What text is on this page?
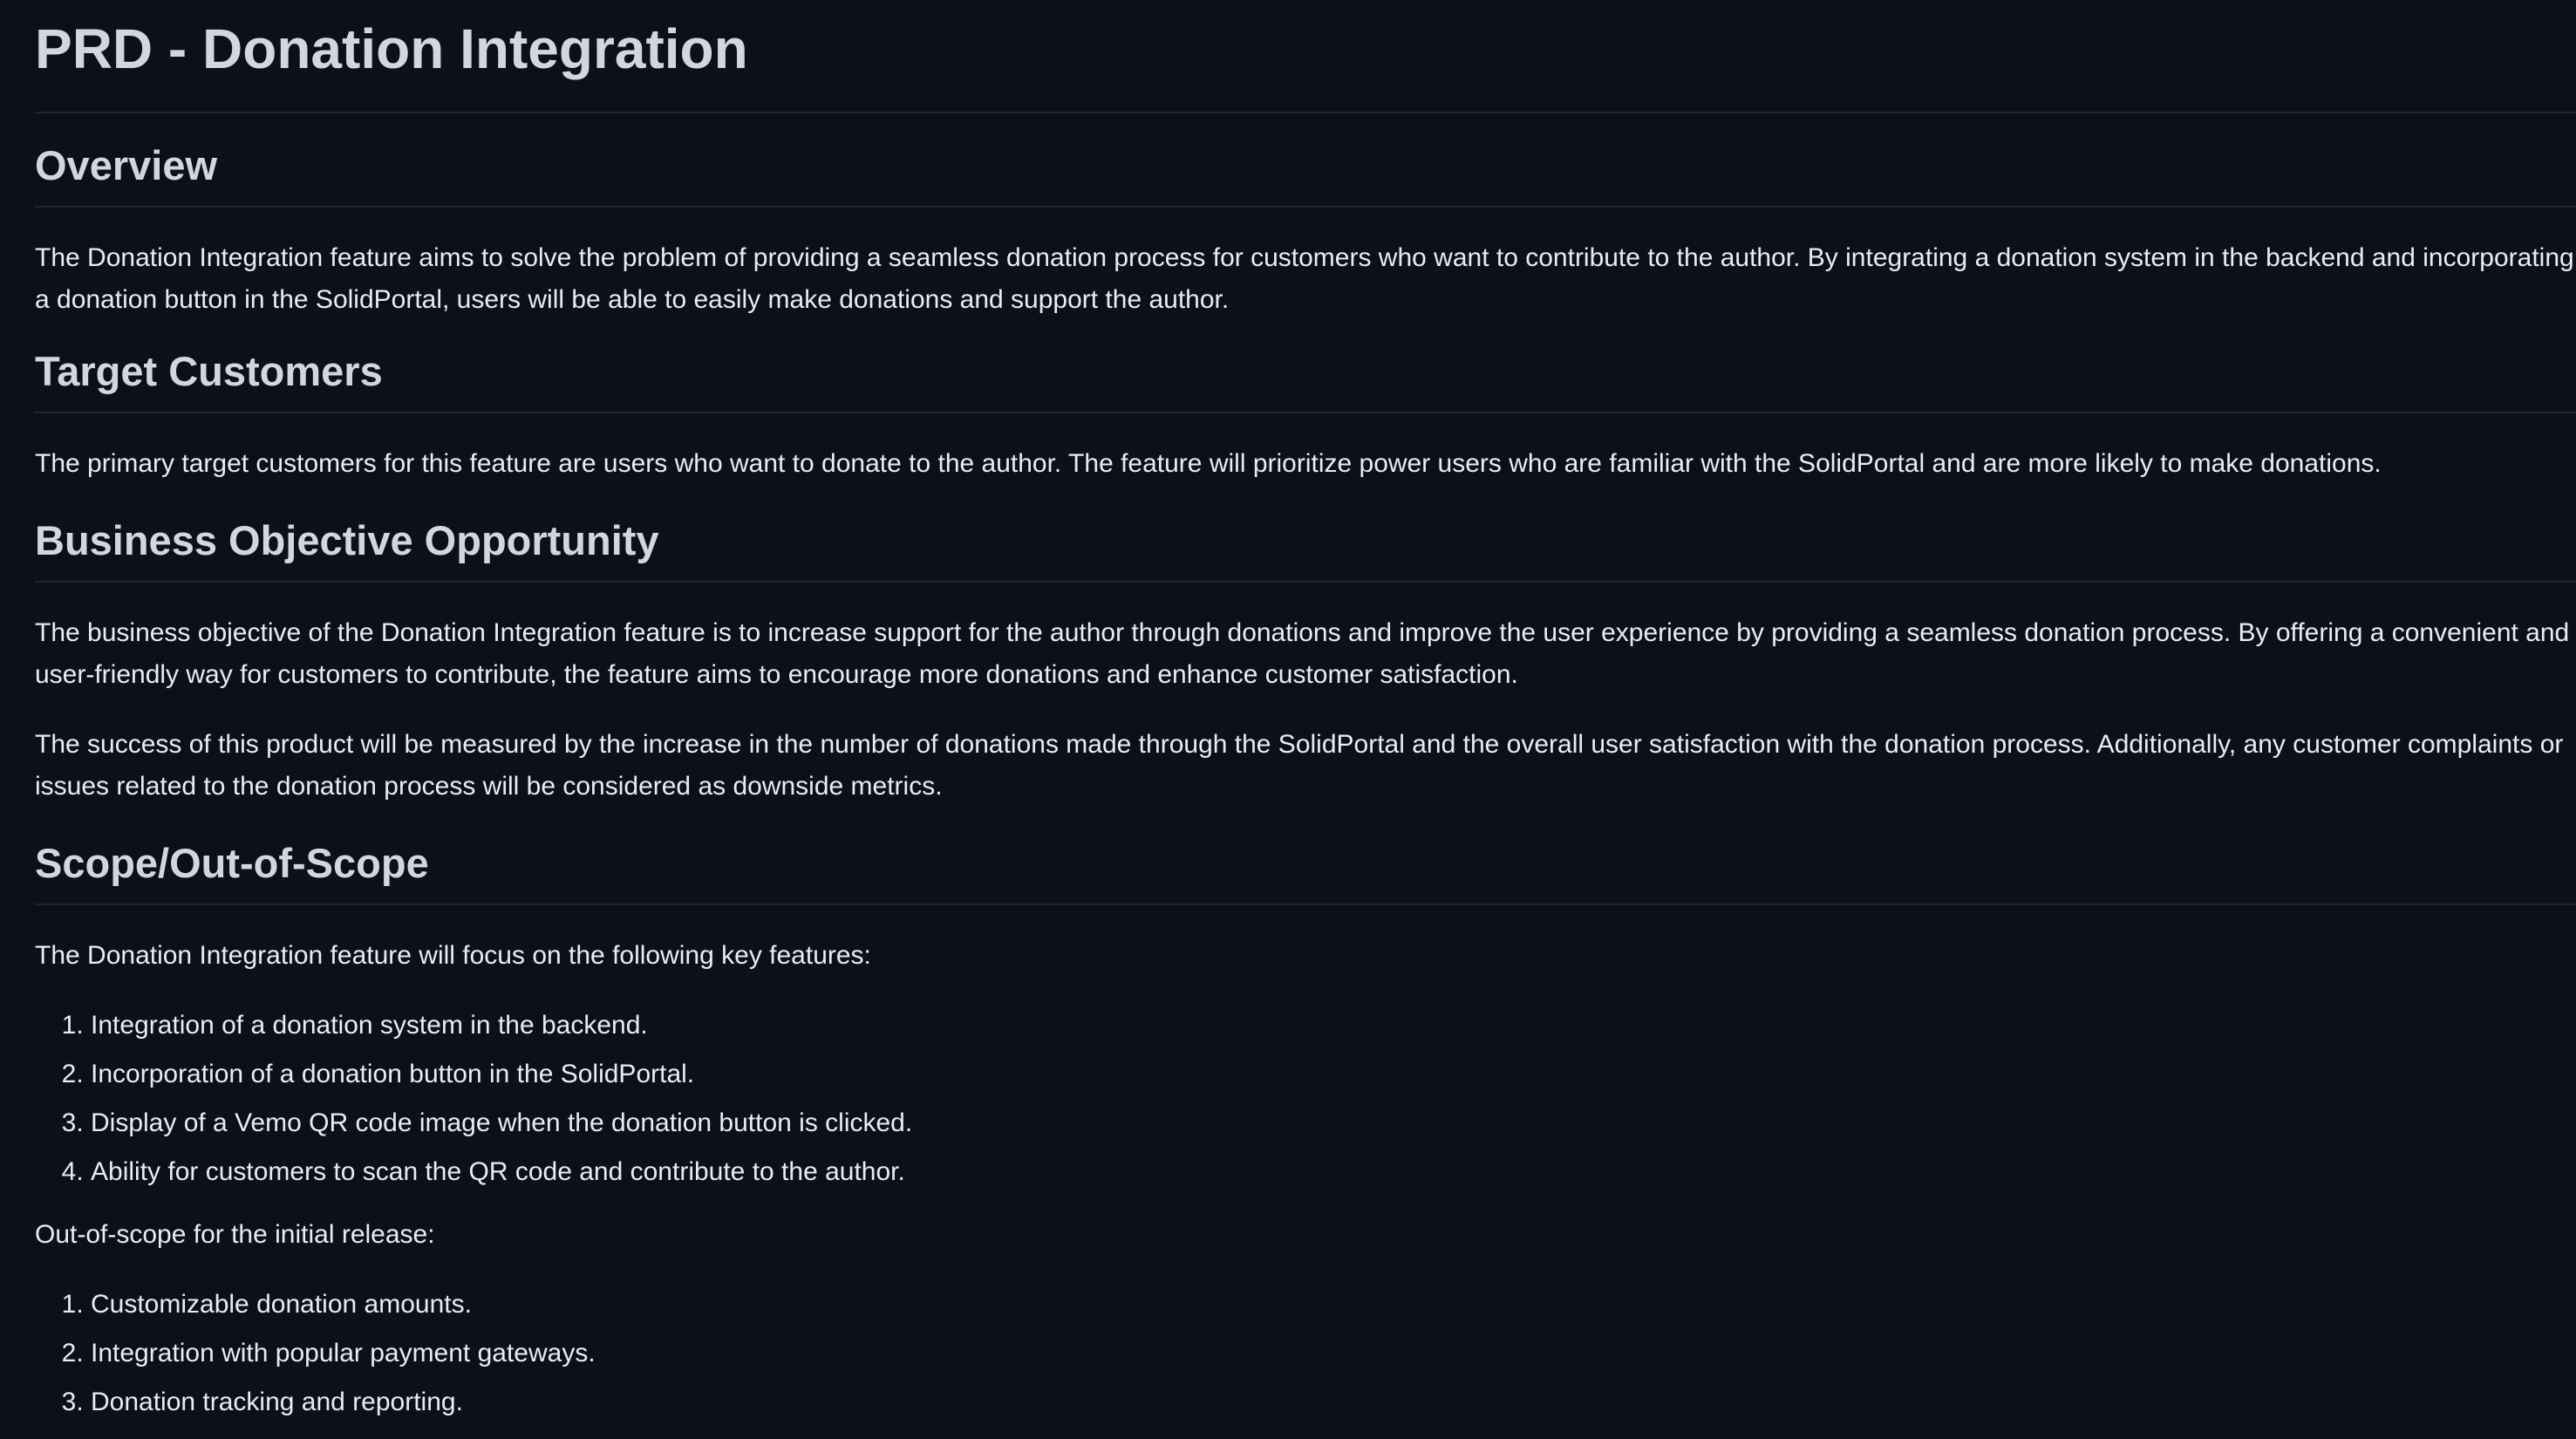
PRD - Donation Integration
Overview

The Donation Integration feature aims to solve the problem of providing a seamless donation process for customers who want to contribute to the author. By integrating a donation system in the backend and incorporating a donation button in the SolidPortal, users will be able to easily make donations and support the author.

Target Customers

The primary target customers for this feature are users who want to donate to the author. The feature will prioritize power users who are familiar with the SolidPortal and are more likely to make donations.

Business Objective Opportunity

The business objective of the Donation Integration feature is to increase support for the author through donations and improve the user experience by providing a seamless donation process. By offering a convenient and user-friendly way for customers to contribute, the feature aims to encourage more donations and enhance customer satisfaction.

The success of this product will be measured by the increase in the number of donations made through the SolidPortal and the overall user satisfaction with the donation process. Additionally, any customer complaints or issues related to the donation process will be considered as downside metrics.

Scope/Out-of-Scope

The Donation Integration feature will focus on the following key features:

1. Integration of a donation system in the backend.
2. Incorporation of a donation button in the SolidPortal.
3. Display of a Vemo QR code image when the donation button is clicked.
4. Ability for customers to scan the QR code and contribute to the author.

Out-of-scope for the initial release:

1. Customizable donation amounts.
2. Integration with popular payment gateways.
3. Donation tracking and reporting.
